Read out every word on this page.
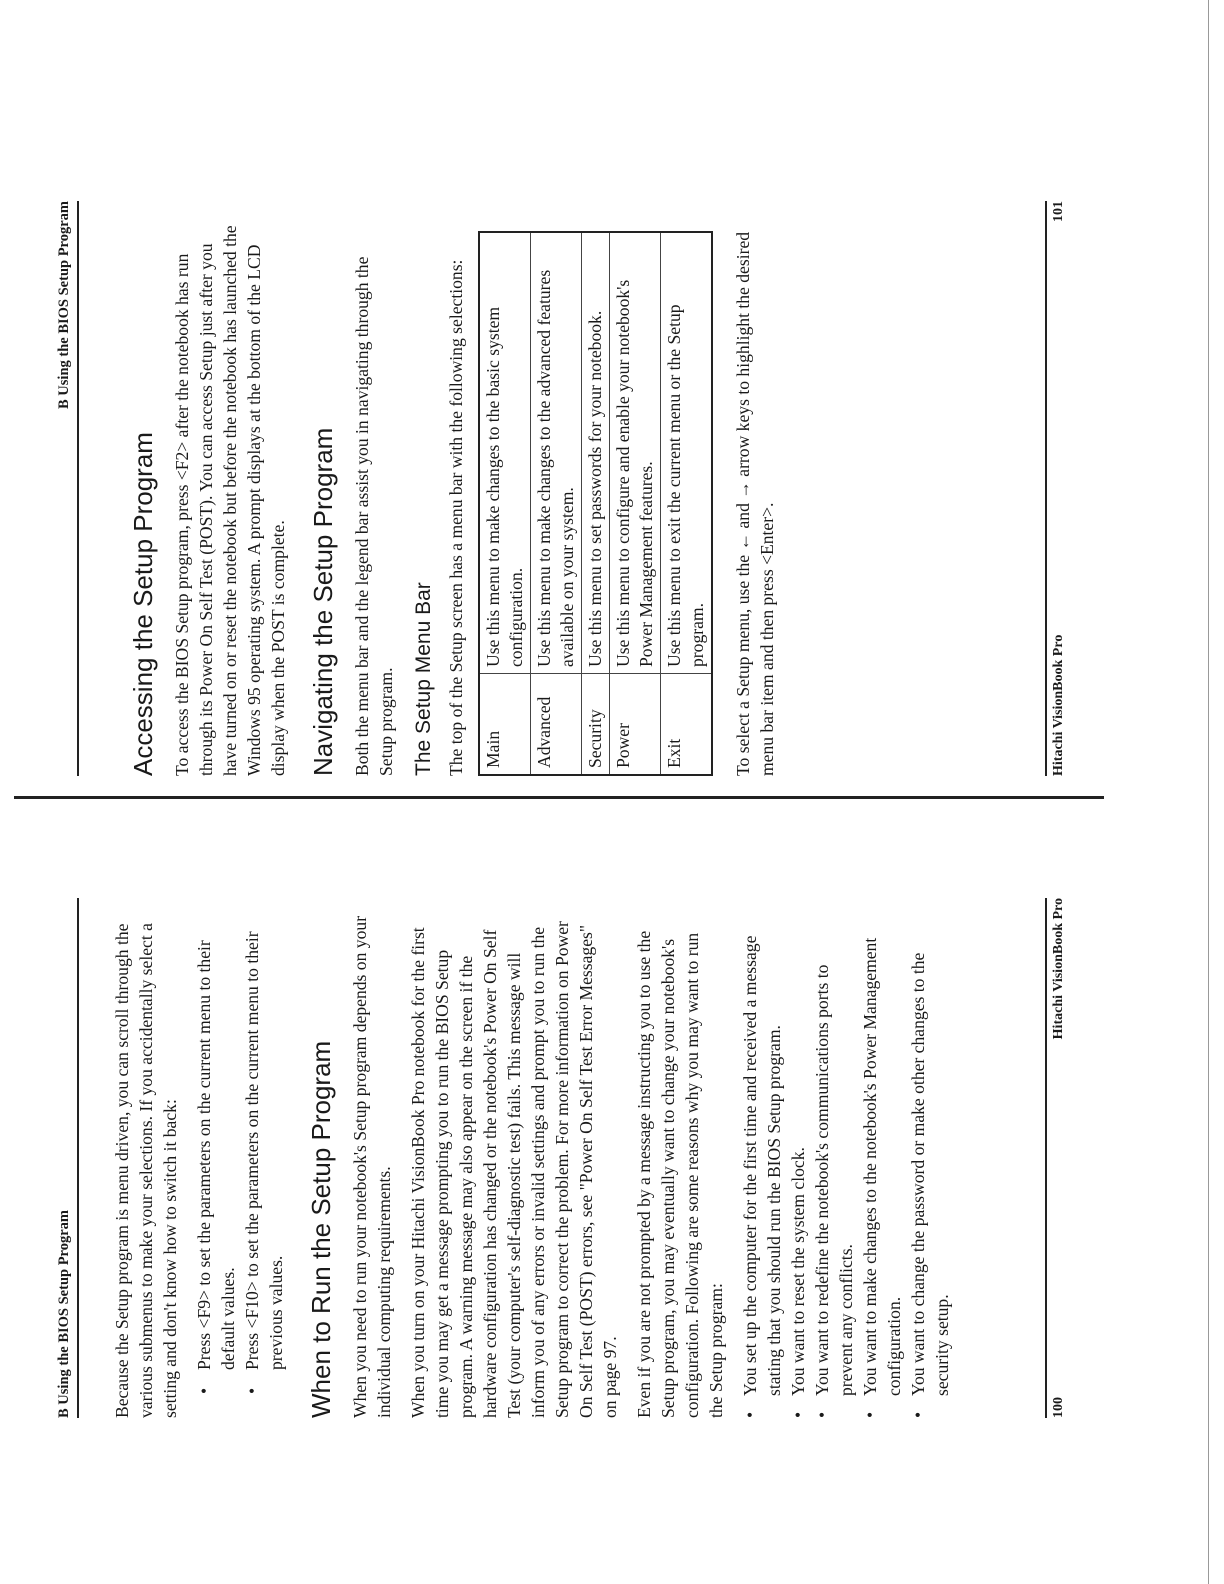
B Using the BIOS Setup Program	Because the Setup program is menu driven, you can scroll through the various submenus to make your selections. If you accidentally select a setting and don't know how to switch it back: •
Press <F9> to set the parameters on the current menu to their default values.
•
Press <F10> to set the parameters on the current menu to their previous values. When to Run the Setup Program When you need to run your notebook's Setup program depends on your individual computing requirements. When you turn on your Hitachi VisionBook Pro notebook for the first time you may get a message prompting you to run the BIOS Setup program. A warning message may also appear on the screen if the hardware configuration has changed or the notebook's Power On Self Test (your computer's self-diagnostic test) fails. This message will inform you of any errors or invalid settings and prompt you to run the Setup program to correct the problem. For more information on Power On Self Test (POST) errors, see "Power On Self Test Error Messages" on page 97. Even if you are not prompted by a message instructing you to use the Setup program, you may eventually want to change your notebook's configuration. Following are some reasons why you may want to run the Setup program: •
You set up the computer for the first time and received a message stating that you should run the BIOS Setup program.
•
You want to reset the system clock.
•
You want to redefine the notebook's communications ports to prevent any conflicts.
•
You want to make changes to the notebook's Power Management configuration.
•
You want to change the password or make other changes to the security setup.
100
Hitachi VisionBook Pro
B Using the BIOS Setup Program
Accessing the Setup Program To access the BIOS Setup program, press <F2> after the notebook has run through its Power On Self Test (POST). You can access Setup just after you have turned on or reset the notebook but before the notebook has launched the Windows 95 operating system. A prompt displays at the bottom of the LCD display when the POST is complete. Navigating the Setup Program Both the menu bar and the legend bar assist you in navigating through the Setup program. The Setup Menu Bar The top of the Setup screen has a menu bar with the following selections: Main	Use this menu to make changes to the basic system configuration.
Advanced	Use this menu to make changes to the advanced features available on your system.
Security	Use this menu to set passwords for your notebook.
Power	Use this menu to configure and enable your notebook's Power Management features.
Exit	Use this menu to exit the current menu or the Setup program. To select a Setup menu, use the ← and → arrow keys to highlight the desired menu bar item and then press <Enter>.	Hitachi VisionBook Pro
101
